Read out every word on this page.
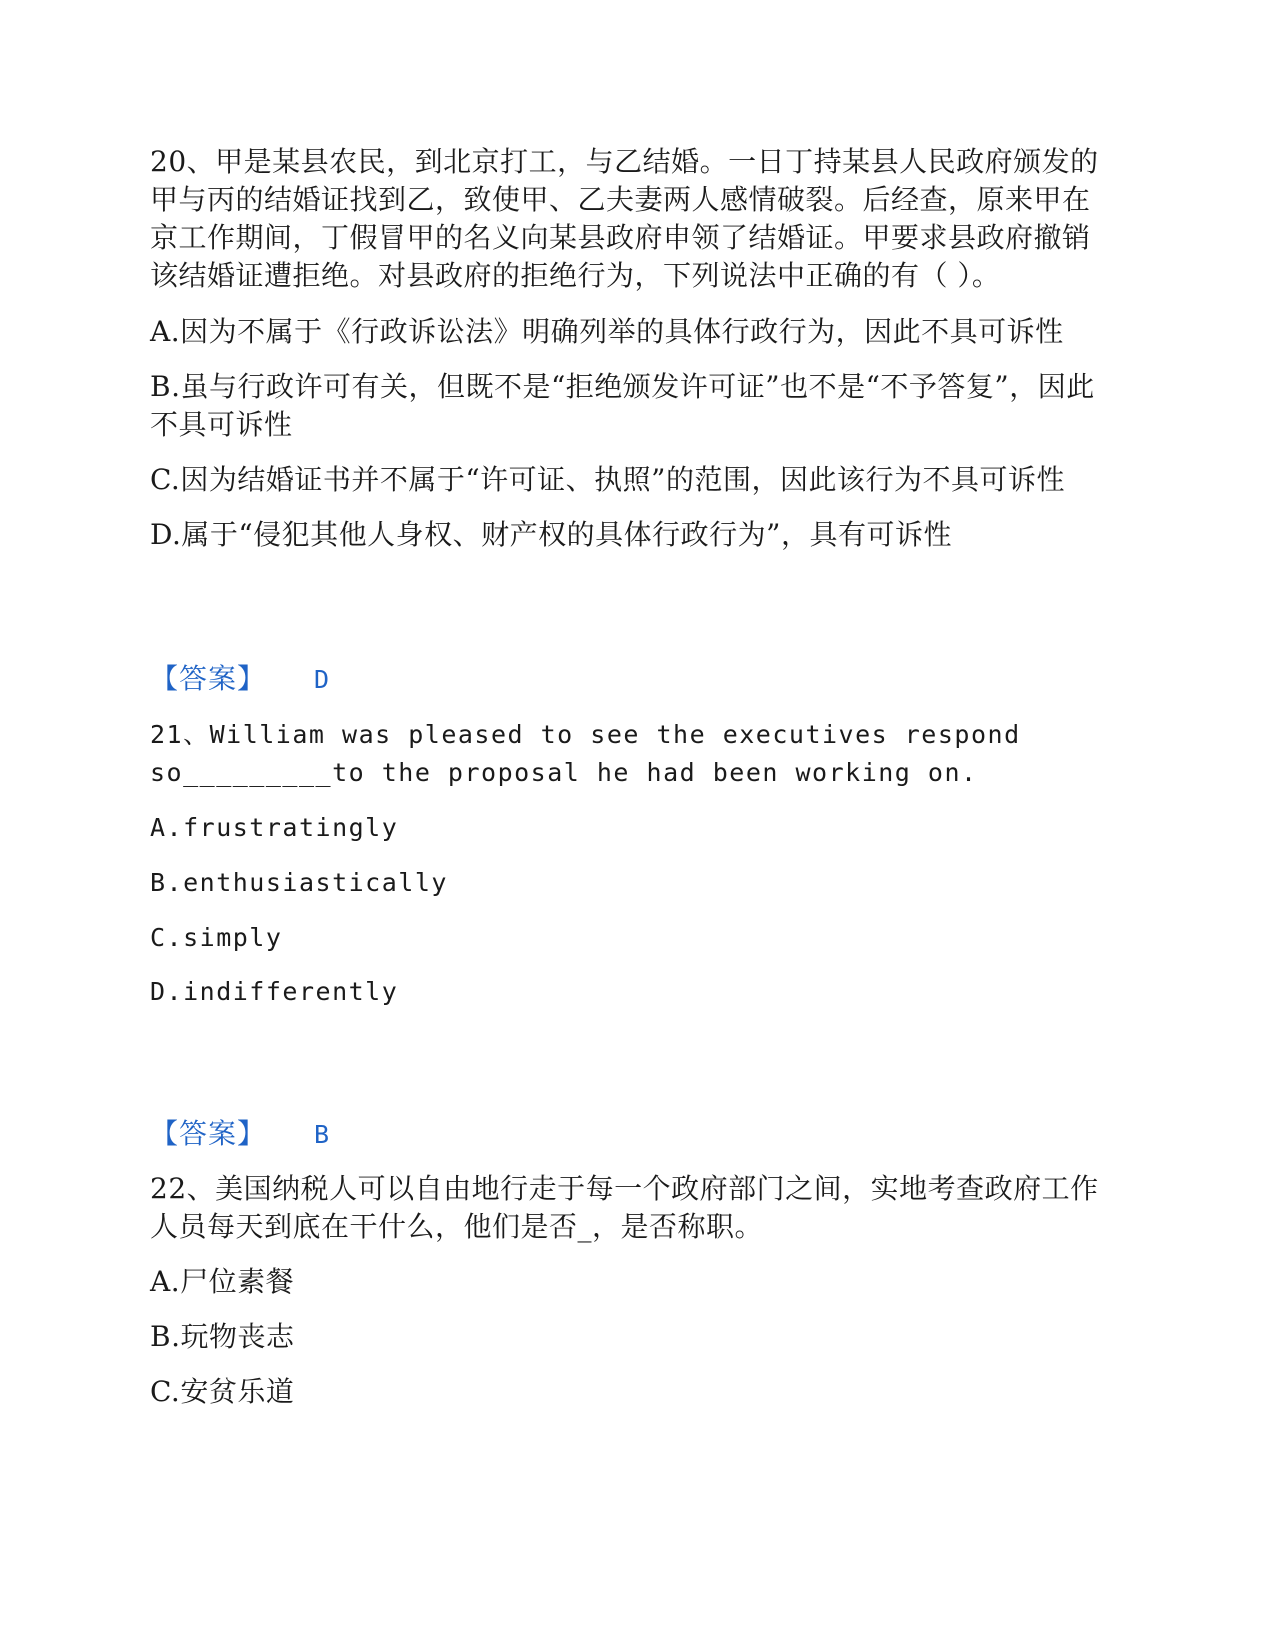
20、甲是某县农民，到北京打工，与乙结婚。一日丁持某县人民政府颁发的
甲与丙的结婚证找到乙，致使甲、乙夫妻两人感情破裂。后经查，原来甲在
京工作期间，丁假冒甲的名义向某县政府申领了结婚证。甲要求县政府撤销
该结婚证遭拒绝。对县政府的拒绝行为，下列说法中正确的有（ ）。
A.因为不属于《行政诉讼法》明确列举的具体行政行为，因此不具可诉性
B.虽与行政许可有关，但既不是“拒绝颁发许可证”也不是“不予答复”，因此
不具可诉性
C.因为结婚证书并不属于“许可证、执照”的范围，因此该行为不具可诉性
D.属于“侵犯其他人身权、财产权的具体行政行为”，具有可诉性
【答案】 D
21、William was pleased to see the executives respond
so_________to the proposal he had been working on.
A.frustratingly
B.enthusiastically
C.simply
D.indifferently
【答案】 B
22、美国纳税人可以自由地行走于每一个政府部门之间，实地考查政府工作
人员每天到底在干什么，他们是否_，是否称职。
A.尸位素餐
B.玩物丧志
C.安贫乐道
